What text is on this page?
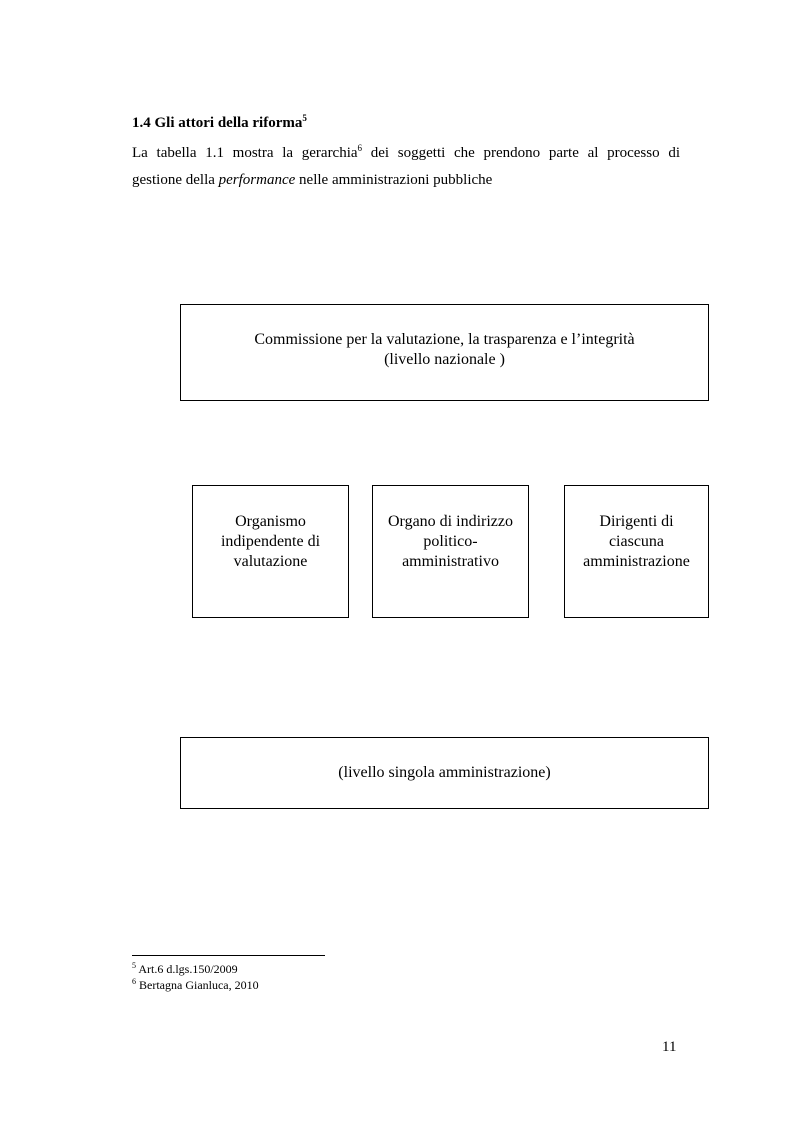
1.4 Gli attori della riforma$^5$
La tabella 1.1 mostra la gerarchia$^6$ dei soggetti che prendono parte al processo di
gestione della performance nelle amministrazioni pubbliche
Commissione per la valutazione, la trasparenza e l’integrità
(livello nazionale )
Organismo
indipendente di
valutazione
Organo di indirizzo
politico-
amministrativo
Dirigenti di
ciascuna
amministrazione
(livello singola amministrazione)
$^5$ Art.6 d.lgs.150/2009
$^6$ Bertagna Gianluca, 2010
11
